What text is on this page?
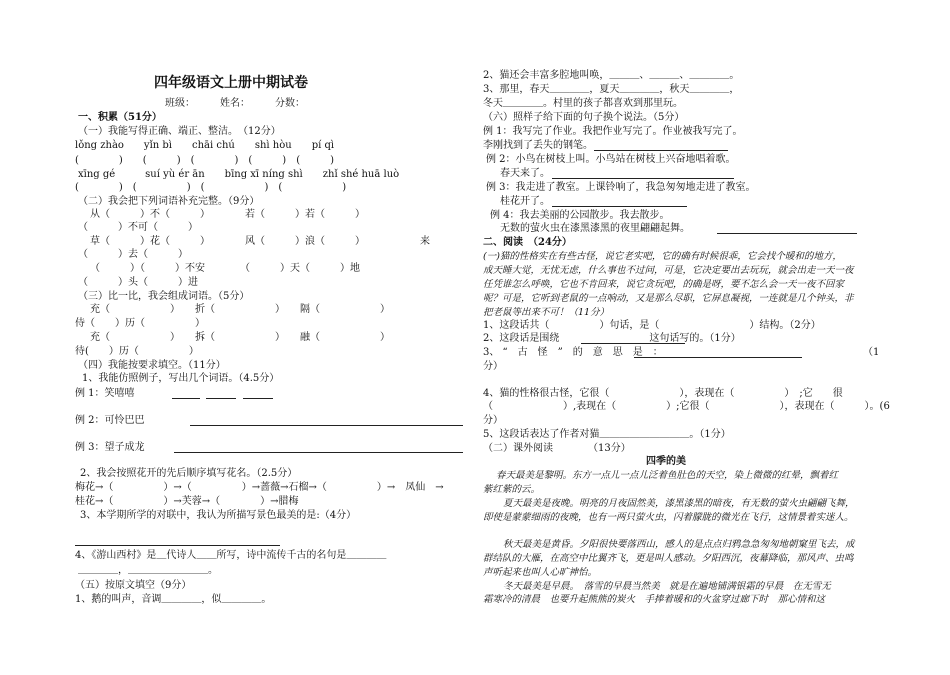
四年级语文上册中期试卷
班级：　　　姓名：　　　分数：
一、积累（51分）
（一）我能写得正确、端正、整洁。　（12分）
lǒng zhào　　yǐn bì　　chāi chú　　shì hòu　　pí qì
(　　　　)　　(　　　)　(　　　　)　(　　　)　(　　　)
xīng gé　　　suí yù ér ān　　bīng xī níng shì　　zhǐ shé huā luò
(　　　　)　(　　　　　)　(　　　　　　)　(　　　　　　)
（二）我会把下列词语补充完整。（9分）
从（　　　）不（　　　）　　　　若（　　　）若（　　　）
（　　　）不可（　　　）
草（　　　）花（　　　）　　　　风（　　　）浪（　　　）　　　　　　来
（　　　）去（　　　）
（　　　）（　　　）不安　　　　（　　　）天（　　　）地
（　　　）头（　　　）进
（三）比一比，我会组成词语。（5分）
充（　　　　　　）　　折（　　　　　　）　　隔（　　　　　　）
侍（　　）历（　　　　　）
充（　　　　　　）　　拆（　　　　　　）　　融（　　　　　　）
待(　　）历（　　　　　）
（四）我能按要求填空。（11分）
1、我能仿照例子，写出几个词语。（4.5分）
例 1：笑嘻嘻
例 2：可怜巴巴
例 3：望子成龙
2、我会按照花开的先后顺序填写花名。（2.5分）
梅花→（　　　　　）→（　　　　　）→蔷薇→石榴→（　　　　　）→　凤仙　→
桂花→（　　　　　）→芙蓉→（　　　　）→腊梅
3、本学期所学的对联中，我认为所描写景色最美的是:（4分）
4、《游山西村》是＿代诗人＿＿所写，诗中流传千古的名句是＿＿＿＿
＿＿＿＿，＿＿＿＿＿＿＿＿。
（五）按原文填空（9分）
1、鹅的叫声，音调＿＿＿＿，似＿＿＿＿。
2、猫还会丰富多腔地叫唤，＿＿＿、＿＿＿、＿＿＿＿。
3、那里，春天＿＿＿＿，夏天＿＿＿＿，秋天＿＿＿＿，
冬天＿＿＿＿。村里的孩子都喜欢到那里玩。
（六）照样子给下面的句子换个说法。（5分）
例 1：我写完了作业。我把作业写完了。作业被我写完了。
李刚找到了丢失的钢笔。
例 2：小鸟在树枝上叫。小鸟站在树枝上兴奋地唱着歌。
春天来了。
例 3：我走进了教室。上课铃响了，我急匆匆地走进了教室。
桂花开了。
例 4：我去美丽的公园散步。我去散步。
无数的萤火虫在漆黑漆黑的夜里翩翩起舞。
二、阅读　（24分）
(一)猫的性格实在有些古怪，说它老实吧，它的确有时候很乖，它会找个暖和的地方，
成天睡大觉，无忧无虑，什么事也不过问，可是，它决定要出去玩玩，就会出走一天一夜
任凭谁怎么呼唤，它也不肯回来，说它贪玩吧，的确是呀，要不怎么会一天一夜不回家
呢？可是，它听到老鼠的一点响动，又是那么尽职，它屏息凝视，一连就是几个钟头，非
把老鼠等出来不可！（11分）
1、这段话共（　　　　　）句话，是（　　　　　　　　　）结构。（2分）
2、这段话是围绕　　　　　　　　　这句话写的。（1分）
3、 “　古　怪　”　的　意　思　是　：	（1
分）
4、猫的性格很古怪，它很（　　　　　　　），表现在（　　　　　）　;它　　很
（　　　　　　　）,表现在（　　　　　）;它很（　　　　　　　），表现在（　　　）。(6
分）
5、这段话表达了作者对猫＿＿＿＿＿＿＿＿＿。（1分）
（二）课外阅读　　　　（13分）
四季的美
春天最美是黎明。东方一点儿一点儿泛着鱼肚色的天空，染上微微的红晕，飘着红
紫红紫的云。
夏天最美是夜晚。明亮的月夜固然美，漆黑漆黑的暗夜，有无数的萤火虫翩翩飞舞，
即使是蒙蒙细雨的夜晚，也有一两只萤火虫，闪着朦胧的微光在飞行，这情景着实迷人。
秋天最美是黄昏。夕阳很快要落西山，感人的是点点归鸦急急匆匆地朝窠里飞去，成
群结队的大雁，在高空中比翼齐飞，更是叫人感动。夕阳西沉，夜幕降临，那风声、虫鸣
声听起来也叫人心旷神怡。
冬天最美是早晨。　落雪的早晨当然美　就是在遍地铺满银霜的早晨　在无雪无
霜寒冷的清晨　也要升起熊熊的炭火　手捧着暖和的火盆穿过廊下时　那心情和这
